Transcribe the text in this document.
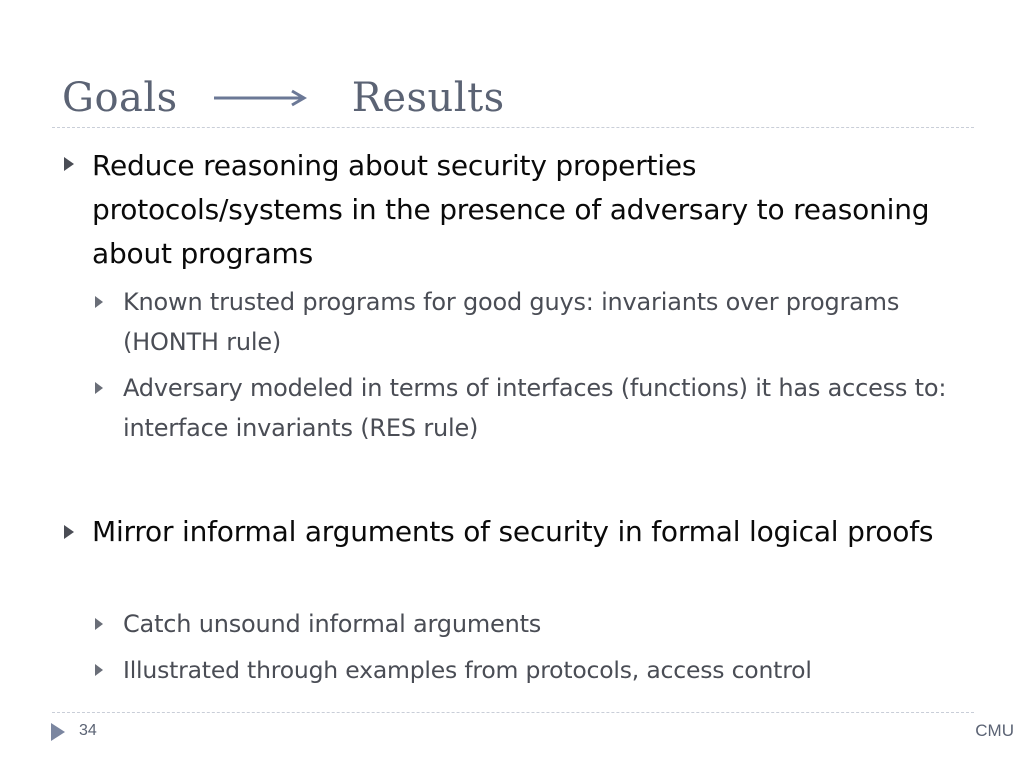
Goals	Results
Reduce reasoning about security properties protocols/systems in the presence of adversary to reasoning about programs
Known trusted programs for good guys: invariants over programs (HONTH rule)
Adversary modeled in terms of interfaces (functions) it has access to: interface invariants (RES rule)
Mirror informal arguments of security in formal logical proofs
Catch unsound informal arguments
Illustrated through examples from protocols, access control
34	CMU
